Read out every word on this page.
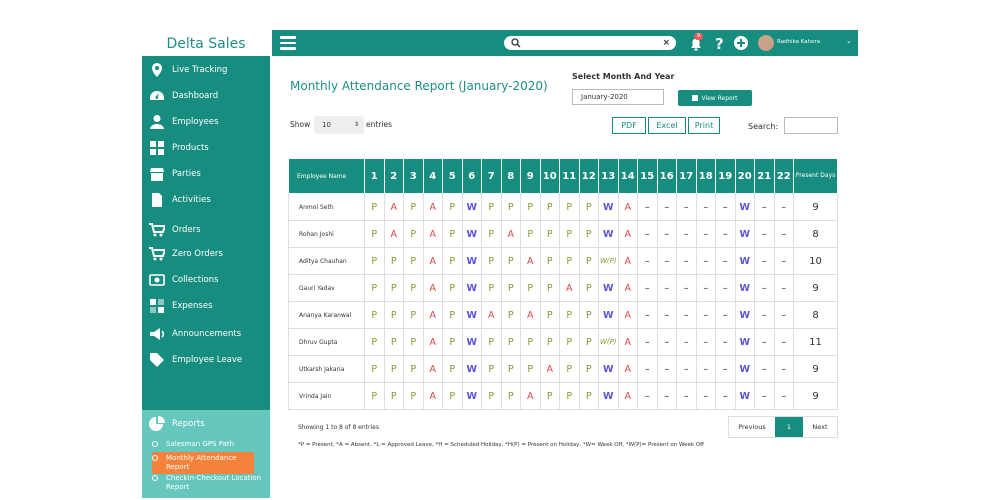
Delta Sales
Live Tracking
Dashboard
Employees
Products
Parties
Activities
Orders
Zero Orders
Collections
Expenses
Announcements
Employee Leave
Reports
Salesman GPS Path
Monthly Attendance Report
Checkin-Checkout Location Report
×
9 ?	Radhika Kahera	⌄
Monthly Attendance Report (January-2020)
Select Month And Year
January-2020	View Report
Show	10	⇕ entries	PDF	Excel	Print	Search:
Employee Name	1	2	3	4	5	6	7	8	9	10	11	12	13	14	15	16	17	18	19	20	21	22	Present Days
Anmol Seth	P	A	P	A	P	W	P	P	P	P	P	P	W	A	–	–	–	–	–	W	–	–	9
Rohan Joshi	P	A	P	A	P	W	P	A	P	P	P	P	W	A	–	–	–	–	–	W	–	–	8
Aditya Chauhan	P	P	P	A	P	W	P	P	A	P	P	P	W(P)	A	–	–	–	–	–	W	–	–	10
Gauri Yadav	P	P	P	A	P	W	P	P	P	P	A	P	W	A	–	–	–	–	–	W	–	–	9
Ananya Karanwal	P	P	P	A	P	W	A	P	A	P	P	P	W	A	–	–	–	–	–	W	–	–	8
Dhruv Gupta	P	P	P	A	P	W	P	P	P	P	P	P	W(P)	A	–	–	–	–	–	W	–	–	11
Utkarsh Jakaria	P	P	P	A	P	W	P	P	P	A	P	P	W	A	–	–	–	–	–	W	–	–	9
Vrinda Jain	P	P	P	A	P	W	P	P	A	P	P	P	W	A	–	–	–	–	–	W	–	–	9
Showing 1 to 8 of 8 entries
*P = Present, *A = Absent, *L = Approved Leave, *H = Scheduled Holiday, *H(P) = Present on Holiday, *W= Week Off, *W(P)= Present on Week Off
Previous	1	Next
